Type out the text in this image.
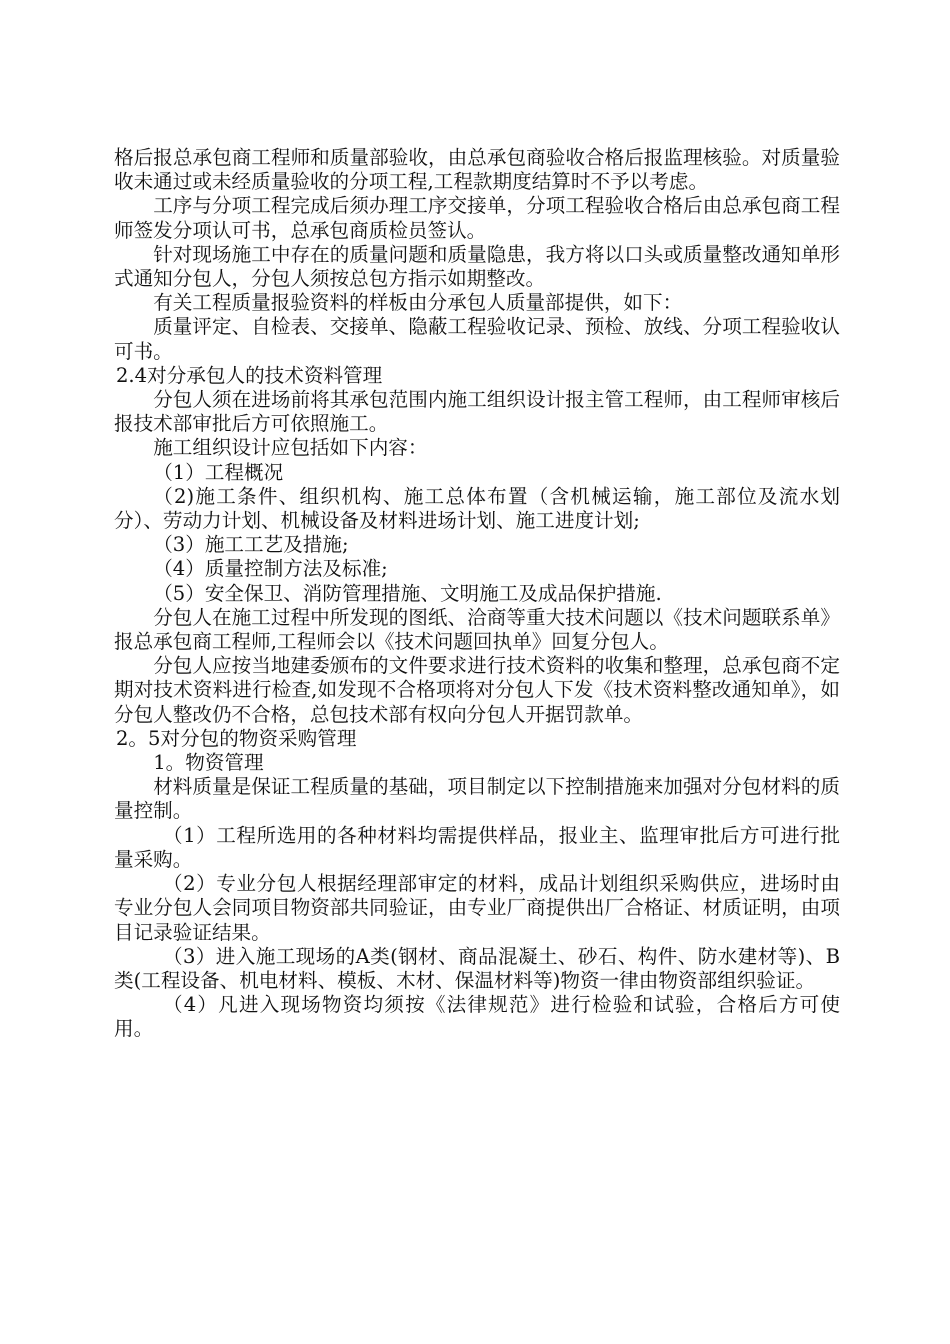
格后报总承包商工程师和质量部验收，由总承包商验收合格后报监理核验。对质量验收未通过或未经质量验收的分项工程,工程款期度结算时不予以考虑。

工序与分项工程完成后须办理工序交接单，分项工程验收合格后由总承包商工程师签发分项认可书，总承包商质检员签认。

针对现场施工中存在的质量问题和质量隐患，我方将以口头或质量整改通知单形式通知分包人，分包人须按总包方指示如期整改。

有关工程质量报验资料的样板由分承包人质量部提供，如下：

质量评定、自检表、交接单、隐蔽工程验收记录、预检、放线、分项工程验收认可书。

2.4对分承包人的技术资料管理

分包人须在进场前将其承包范围内施工组织设计报主管工程师，由工程师审核后报技术部审批后方可依照施工。

施工组织设计应包括如下内容：

（1）工程概况

（2)施工条件、组织机构、施工总体布置（含机械运输，施工部位及流水划分）、劳动力计划、机械设备及材料进场计划、施工进度计划;

（3）施工工艺及措施;

（4）质量控制方法及标准;

（5）安全保卫、消防管理措施、文明施工及成品保护措施.

分包人在施工过程中所发现的图纸、洽商等重大技术问题以《技术问题联系单》报总承包商工程师,工程师会以《技术问题回执单》回复分包人。

分包人应按当地建委颁布的文件要求进行技术资料的收集和整理，总承包商不定期对技术资料进行检查,如发现不合格项将对分包人下发《技术资料整改通知单》，如分包人整改仍不合格，总包技术部有权向分包人开据罚款单。

2。5对分包的物资采购管理

1。物资管理

材料质量是保证工程质量的基础，项目制定以下控制措施来加强对分包材料的质量控制。

（1）工程所选用的各种材料均需提供样品，报业主、监理审批后方可进行批量采购。

（2）专业分包人根据经理部审定的材料，成品计划组织采购供应，进场时由专业分包人会同项目物资部共同验证，由专业厂商提供出厂合格证、材质证明，由项目记录验证结果。

（3）进入施工现场的A类(钢材、商品混凝土、砂石、构件、防水建材等)、B类(工程设备、机电材料、模板、木材、保温材料等)物资一律由物资部组织验证。

（4）凡进入现场物资均须按《法律规范》进行检验和试验，合格后方可使用。
